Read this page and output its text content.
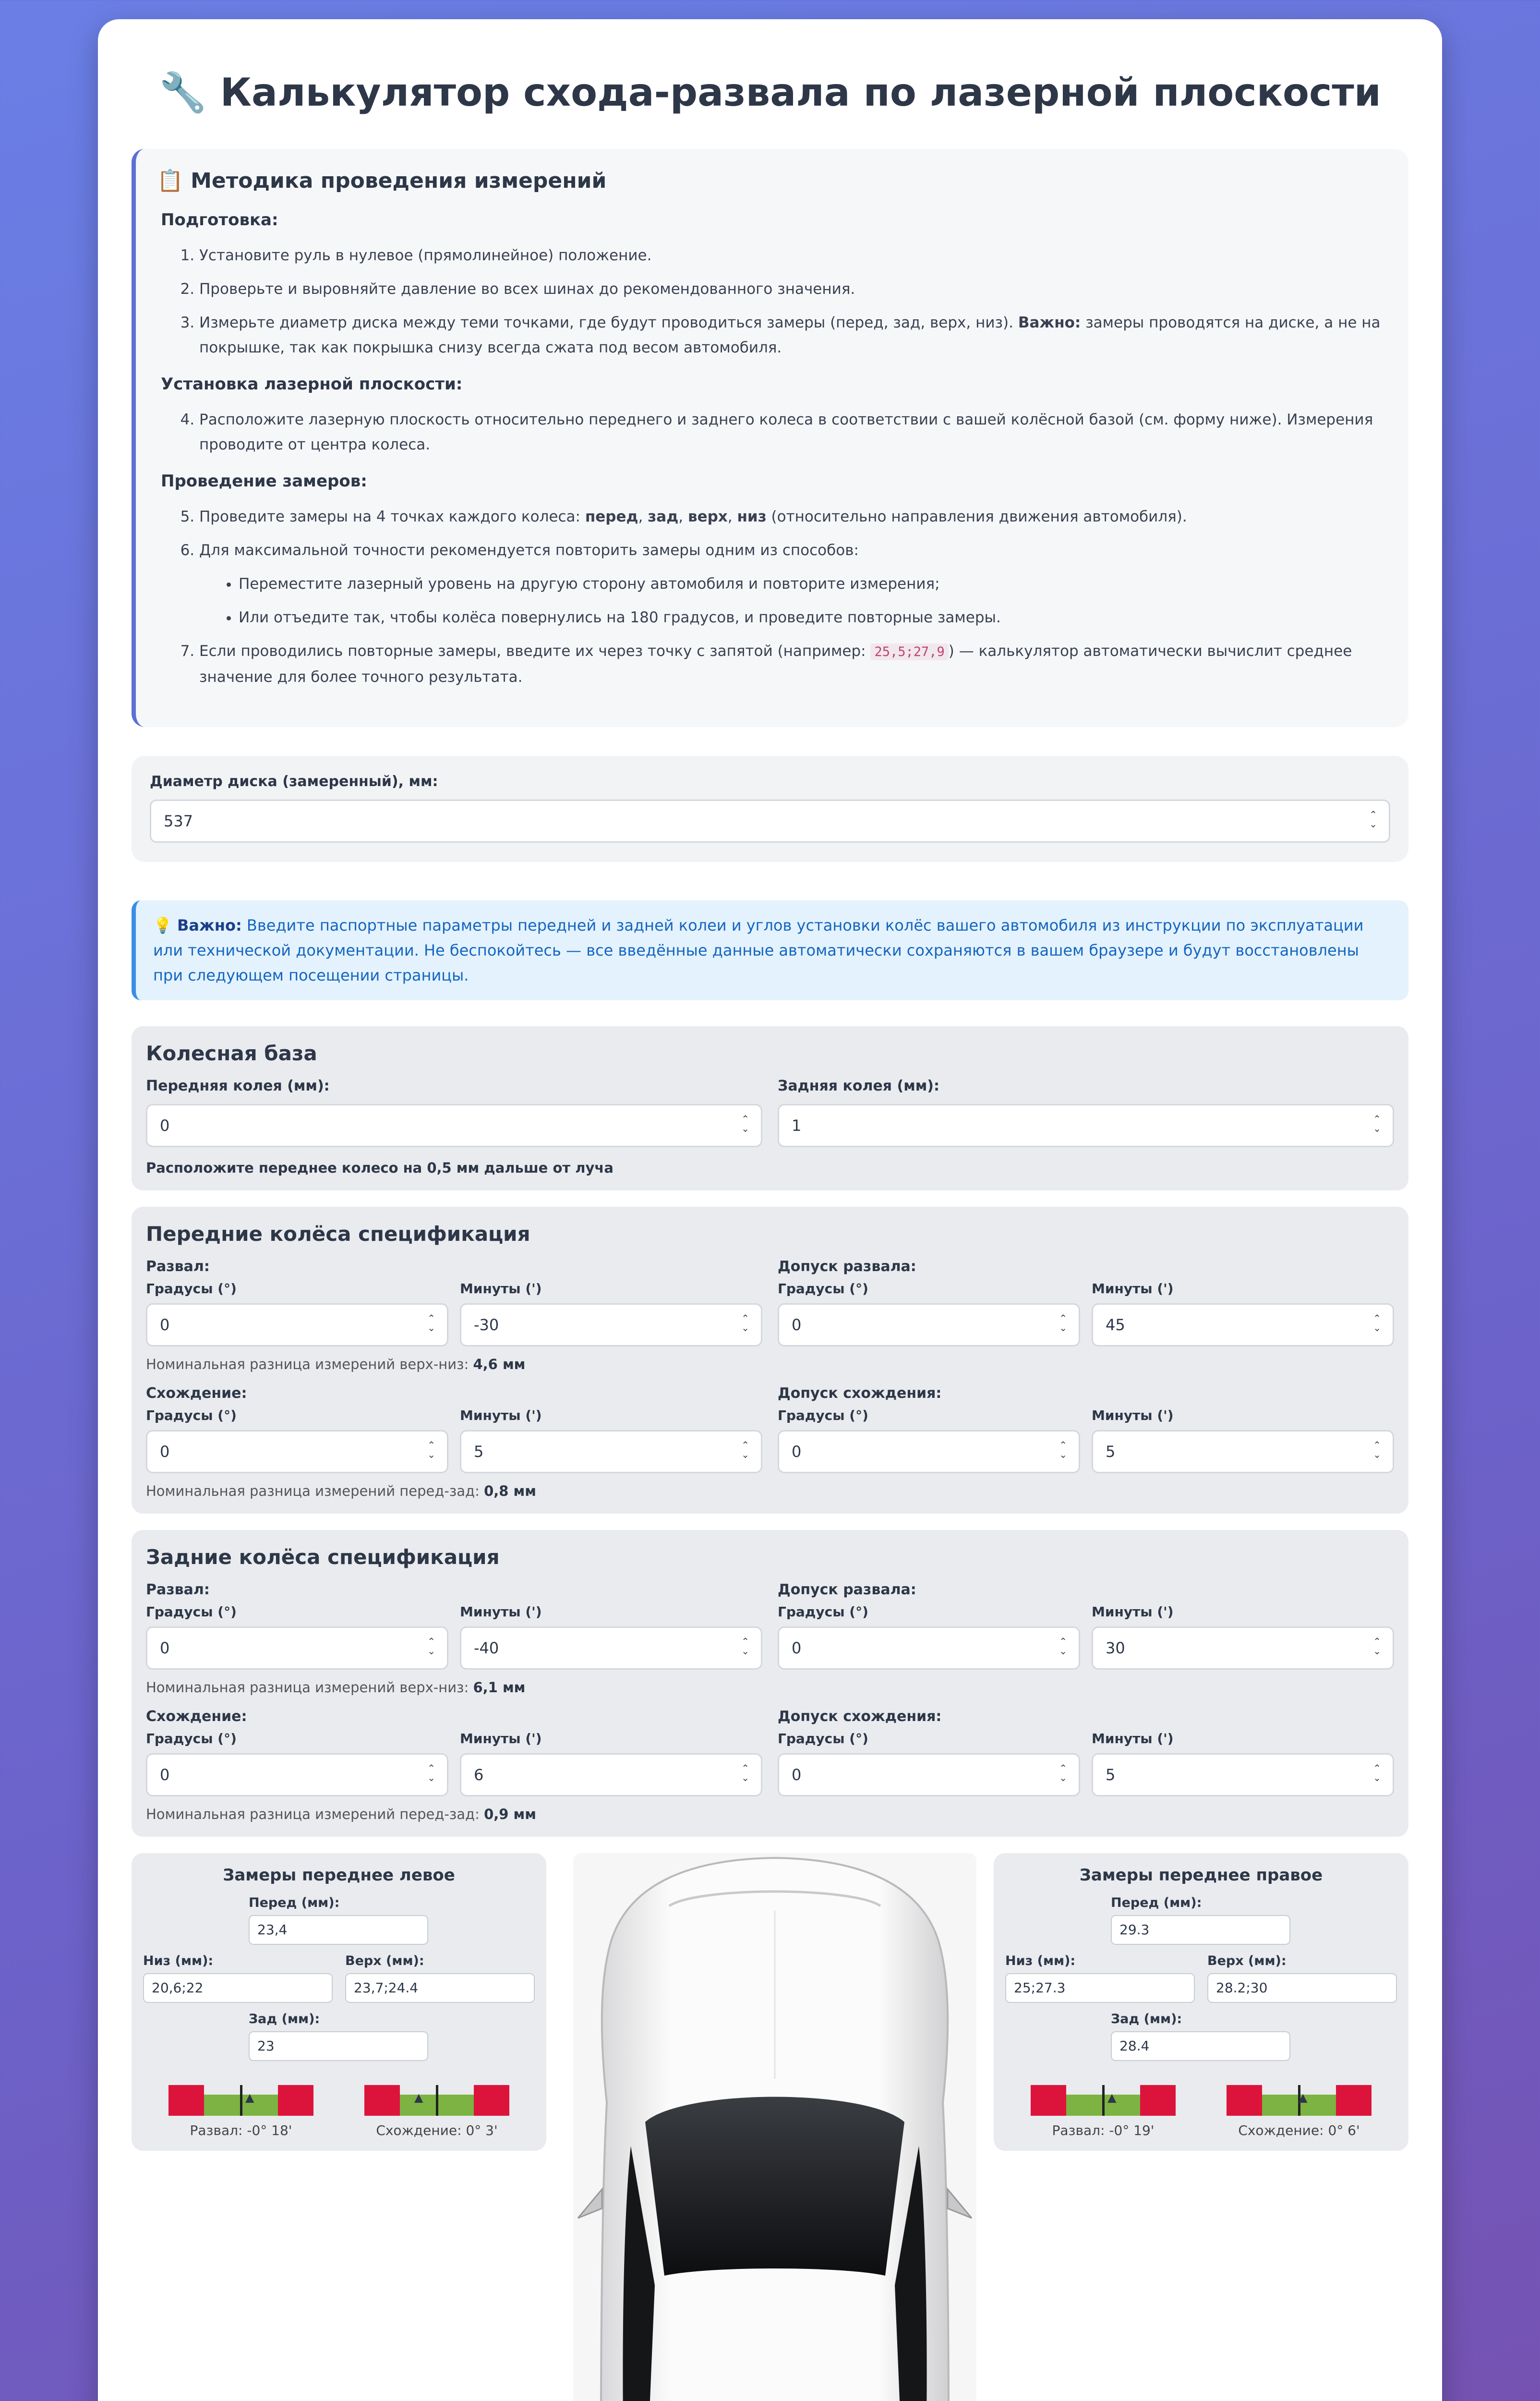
🔧 Калькулятор схода-развала по лазерной плоскости
📋 Методика проведения измерений
Подготовка:
1. Установите руль в нулевое (прямолинейное) положение.
2. Проверьте и выровняйте давление во всех шинах до рекомендованного значения.
3. Измерьте диаметр диска между теми точками, где будут проводиться замеры (перед, зад, верх, низ). Важно: замеры проводятся на диске, а не на покрышке, так как покрышка снизу всегда сжата под весом автомобиля.
Установка лазерной плоскости:
4. Расположите лазерную плоскость относительно переднего и заднего колеса в соответствии с вашей колёсной базой (см. форму ниже). Измерения проводите от центра колеса.
Проведение замеров:
5. Проведите замеры на 4 точках каждого колеса: перед, зад, верх, низ (относительно направления движения автомобиля).
6. Для максимальной точности рекомендуется повторить замеры одним из способов:
• Переместите лазерный уровень на другую сторону автомобиля и повторите измерения;
• Или отъедите так, чтобы колёса повернулись на 180 градусов, и проведите повторные замеры.
7. Если проводились повторные замеры, введите их через точку с запятой (например: 25,5;27,9 ) — калькулятор автоматически вычислит среднее значение для более точного результата.
Диаметр диска (замеренный), мм:
537 ⌃ ⌄
💡 Важно: Введите паспортные параметры передней и задней колеи и углов установки колёс вашего автомобиля из инструкции по эксплуатации или технической документации. Не беспокойтесь — все введённые данные автоматически сохраняются в вашем браузере и будут восстановлены при следующем посещении страницы.
Колесная база
Передняя колея (мм):
0 ⌃ ⌄
Задняя колея (мм):
1 ⌃ ⌄
Расположите переднее колесо на 0,5 мм дальше от луча
Передние колёса спецификация
Развал:
Градусы (°)
0 ⌃ ⌄
Минуты (')
-30 ⌃ ⌄
Допуск развала:
Градусы (°)
0 ⌃ ⌄
Минуты (')
45 ⌃ ⌄
Номинальная разница измерений верх-низ: 4,6 мм
Схождение:
Градусы (°)
0 ⌃ ⌄
Минуты (')
5 ⌃ ⌄
Допуск схождения:
Градусы (°)
0 ⌃ ⌄
Минуты (')
5 ⌃ ⌄
Номинальная разница измерений перед-зад: 0,8 мм
Задние колёса спецификация
Развал:
Градусы (°)
0 ⌃ ⌄
Минуты (')
-40 ⌃ ⌄
Допуск развала:
Градусы (°)
0 ⌃ ⌄
Минуты (')
30 ⌃ ⌄
Номинальная разница измерений верх-низ: 6,1 мм
Схождение:
Градусы (°)
0 ⌃ ⌄
Минуты (')
6 ⌃ ⌄
Допуск схождения:
Градусы (°)
0 ⌃ ⌄
Минуты (')
5 ⌃ ⌄
Номинальная разница измерений перед-зад: 0,9 мм
Замеры переднее левое
Перед (мм):
23,4
Низ (мм):
20,6;22
Верх (мм):
23,7;24.4
Зад (мм):
23
▲
Развал: -0° 18'
▲
Схождение: 0° 3'
Замеры переднее правое
Перед (мм):
29.3
Низ (мм):
25;27.3
Верх (мм):
28.2;30
Зад (мм):
28.4
▲
Развал: -0° 19'
▲
Схождение: 0° 6'
